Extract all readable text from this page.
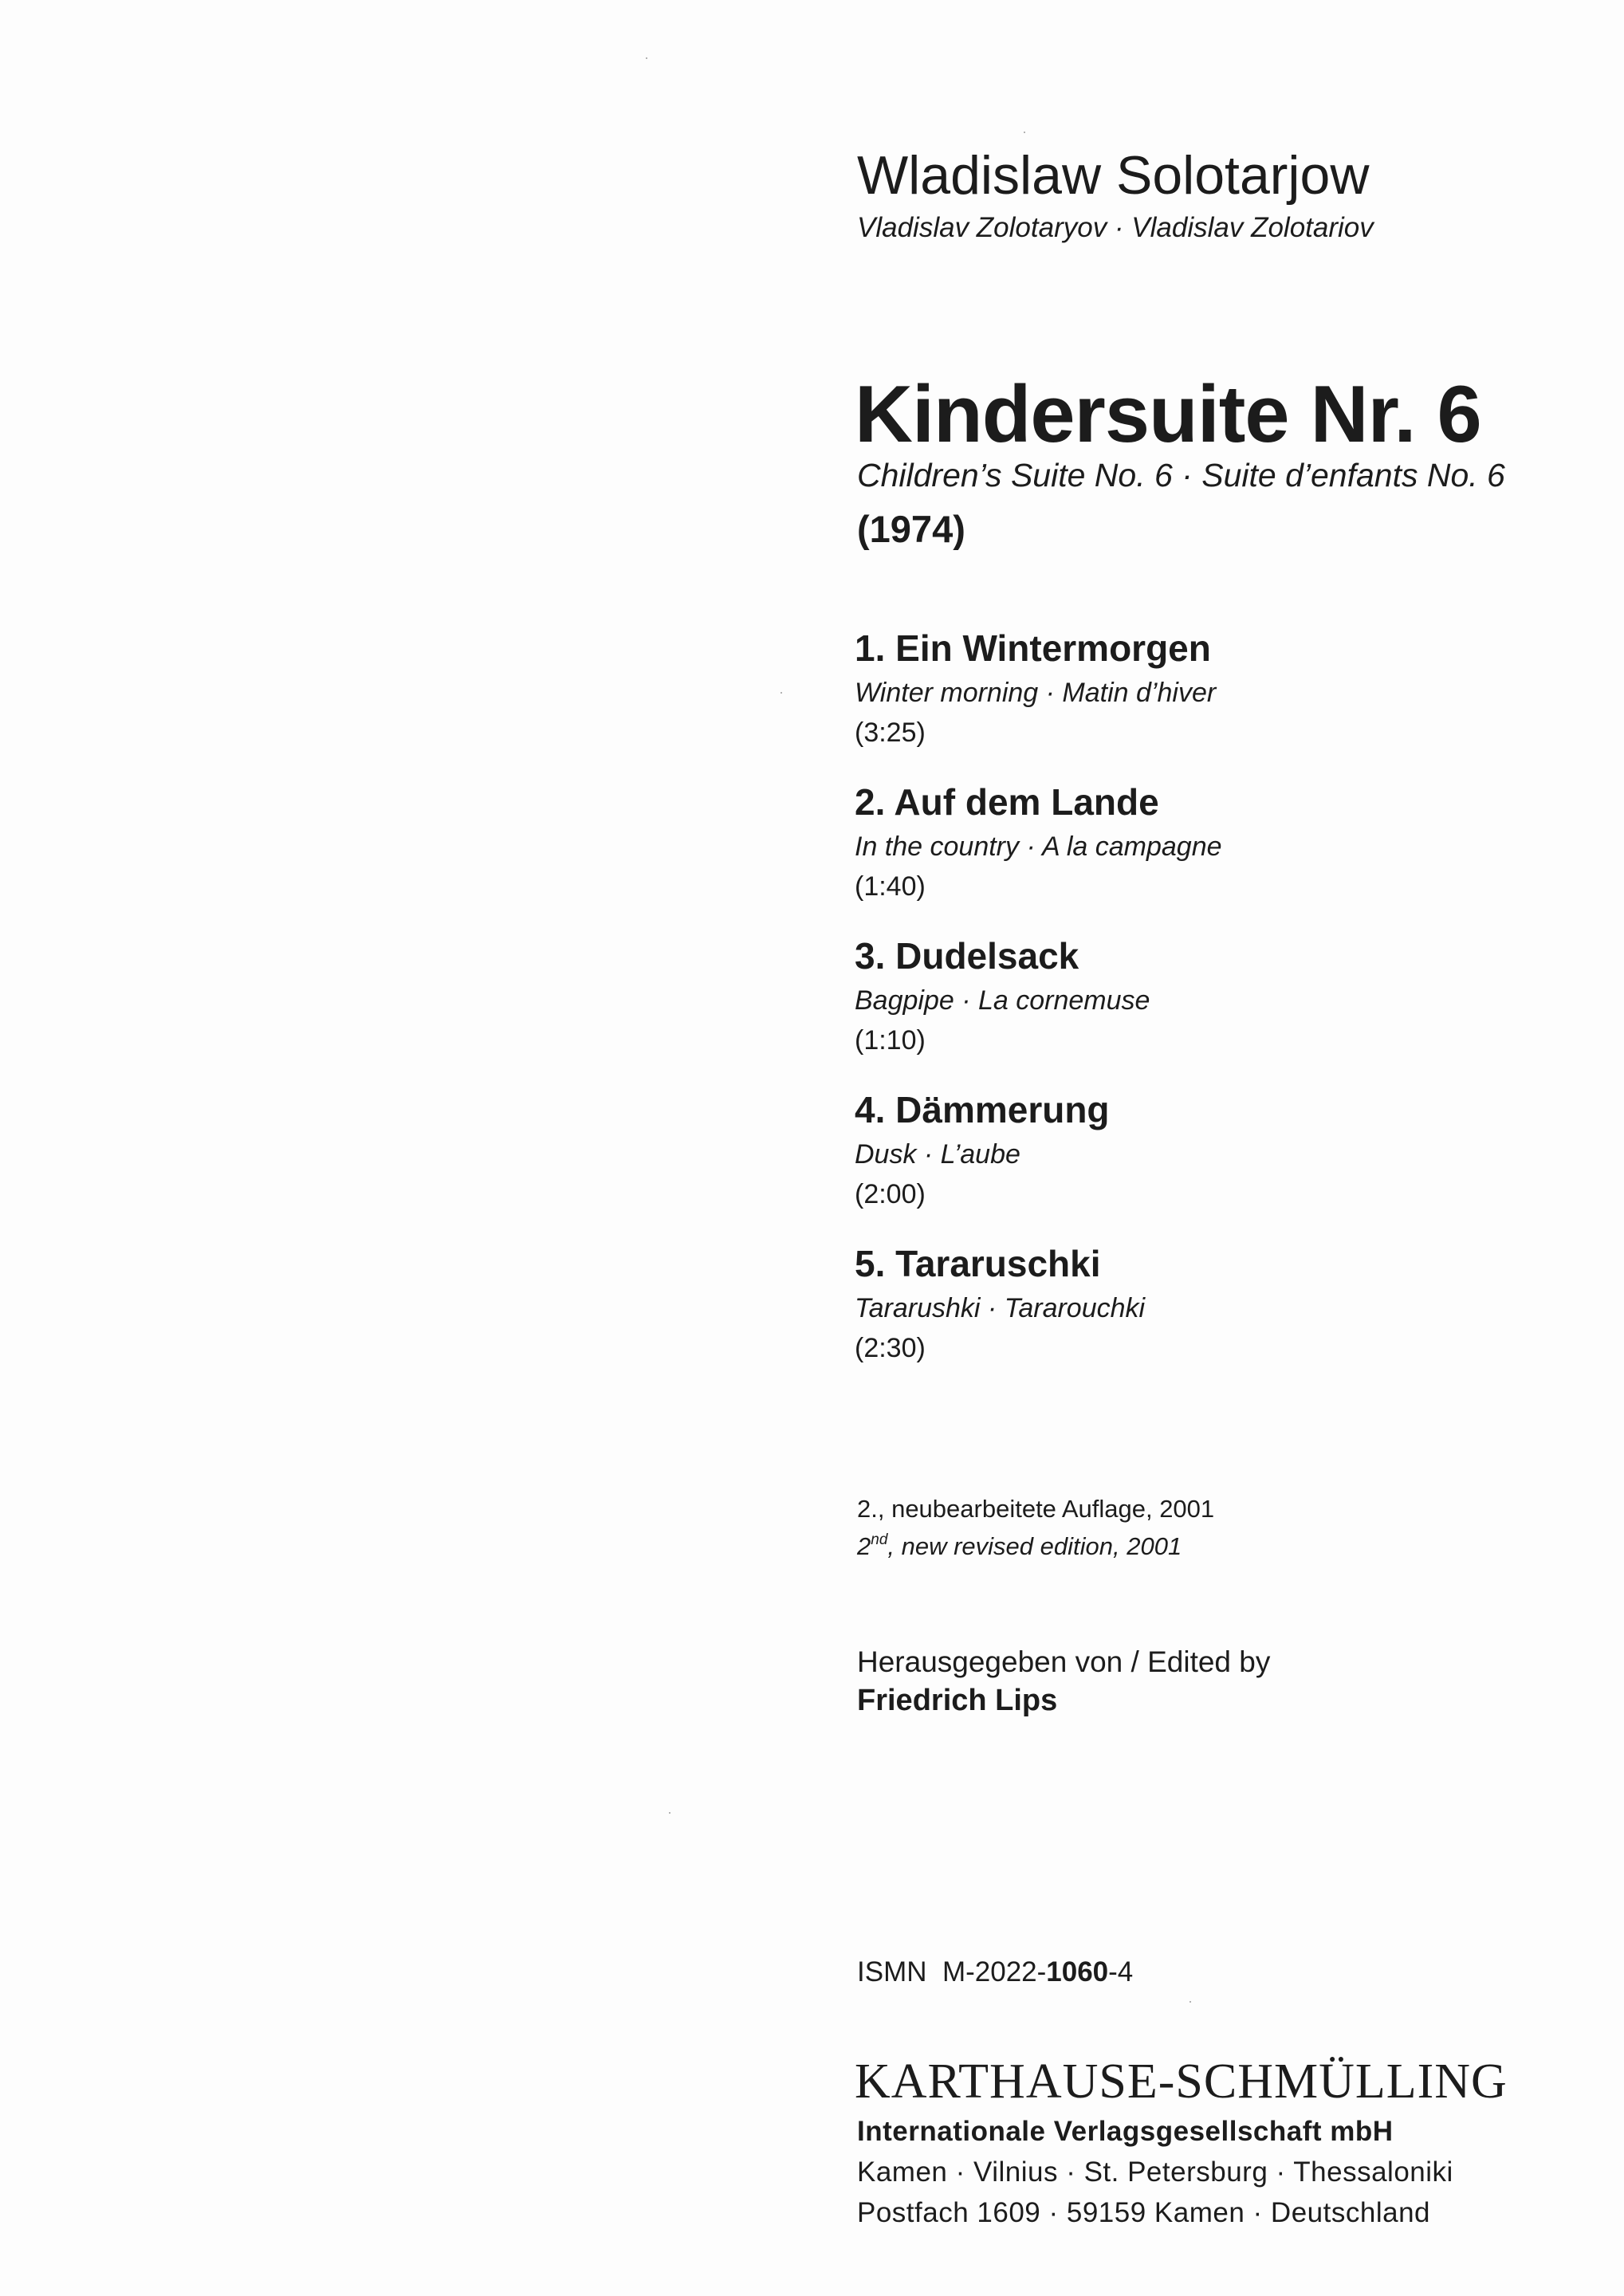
Wladislaw Solotarjow
Vladislav Zolotaryov · Vladislav Zolotariov
Kindersuite Nr. 6
Children’s Suite No. 6 · Suite d’enfants No. 6
(1974)
1. Ein Wintermorgen
Winter morning · Matin d’hiver
(3:25)
2. Auf dem Lande
In the country · A la campagne
(1:40)
3. Dudelsack
Bagpipe · La cornemuse
(1:10)
4. Dämmerung
Dusk · L’aube
(2:00)
5. Tararuschki
Tararushki · Tararouchki
(2:30)
2., neubearbeitete Auflage, 2001
2nd, new revised edition, 2001
Herausgegeben von / Edited by
Friedrich Lips
ISMN  M-2022-1060-4
KARTHAUSE-SCHMÜLLING
Internationale Verlagsgesellschaft mbH
Kamen · Vilnius · St. Petersburg · Thessaloniki
Postfach 1609 · 59159 Kamen · Deutschland
